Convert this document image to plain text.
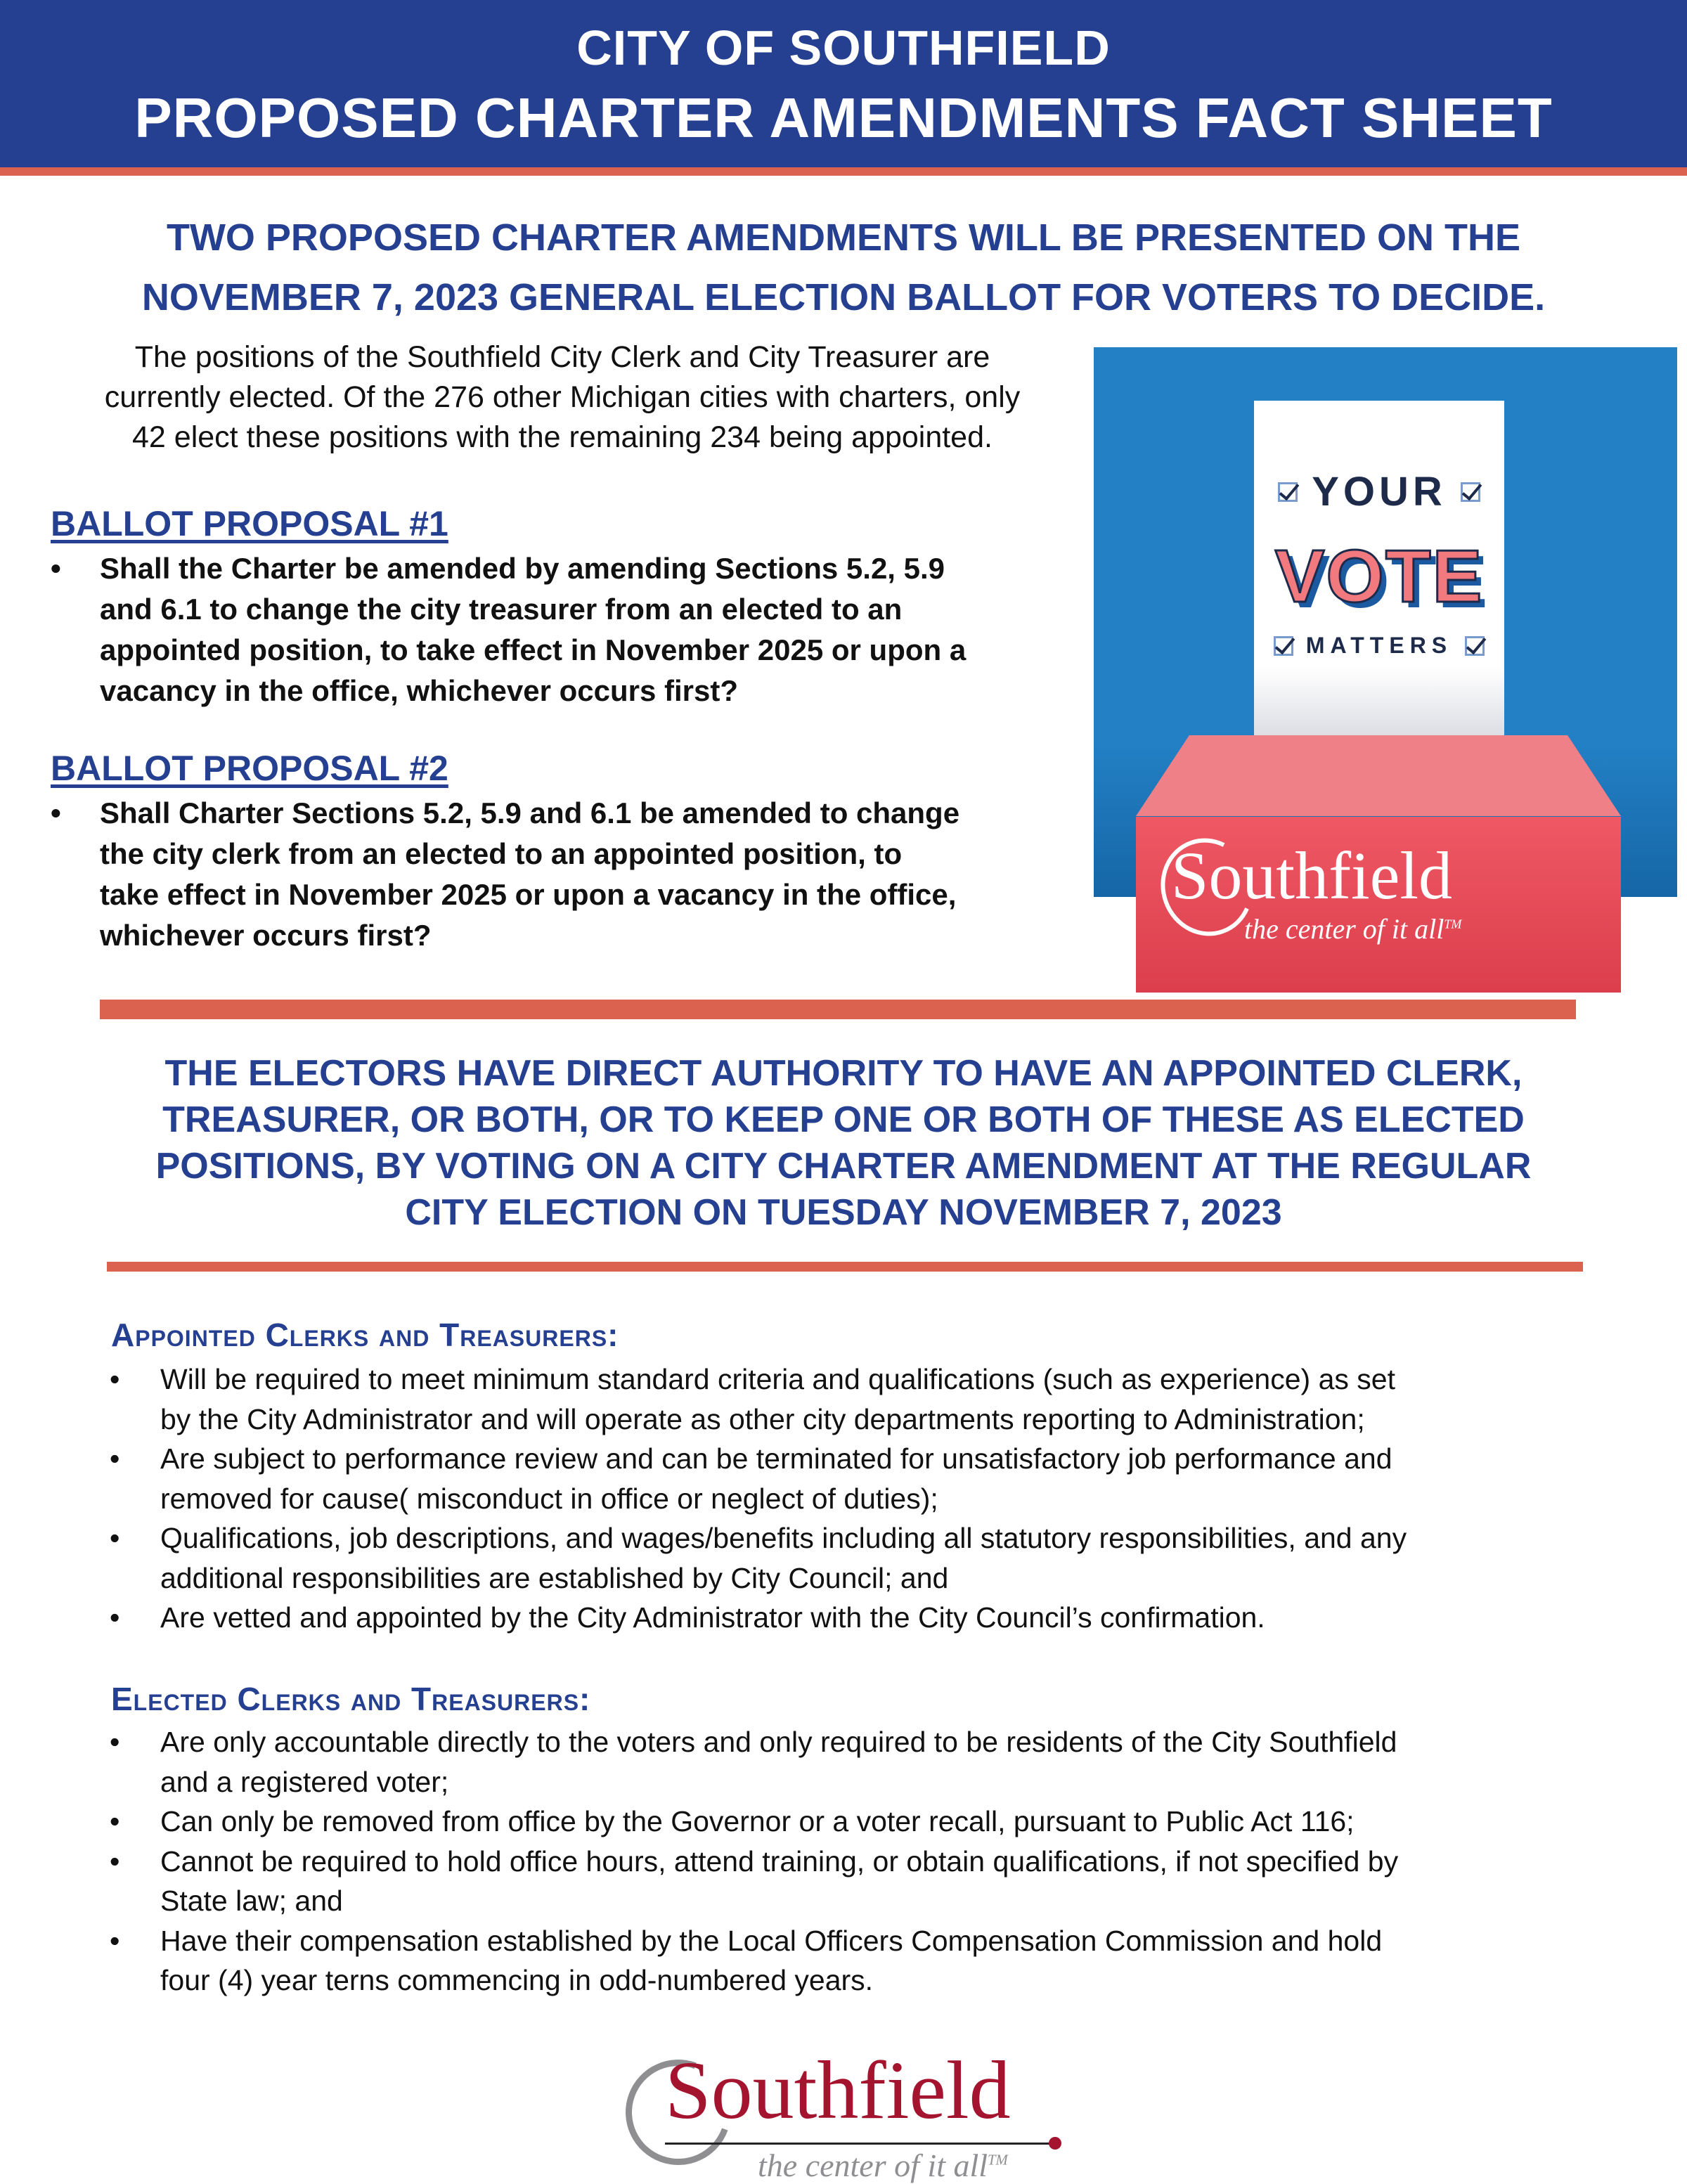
CITY OF SOUTHFIELD
PROPOSED CHARTER AMENDMENTS FACT SHEET
TWO PROPOSED CHARTER AMENDMENTS WILL BE PRESENTED ON THE
NOVEMBER 7, 2023 GENERAL ELECTION BALLOT FOR VOTERS TO DECIDE.
The positions of the Southfield City Clerk and City Treasurer are
currently elected. Of the 276 other Michigan cities with charters, only
42 elect these positions with the remaining 234 being appointed.
BALLOT PROPOSAL #1
• Shall the Charter be amended by amending Sections 5.2, 5.9
and 6.1 to change the city treasurer from an elected to an
appointed position, to take effect in November 2025 or upon a
vacancy in the office, whichever occurs first?
BALLOT PROPOSAL #2
• Shall Charter Sections 5.2, 5.9 and 6.1 be amended to change
the city clerk from an elected to an appointed position, to
take effect in November 2025 or upon a vacancy in the office,
whichever occurs first?
YOUR
VOTE
MATTERS
Southfield
the center of it all™
THE ELECTORS HAVE DIRECT AUTHORITY TO HAVE AN APPOINTED CLERK,
TREASURER, OR BOTH, OR TO KEEP ONE OR BOTH OF THESE AS ELECTED
POSITIONS, BY VOTING ON A CITY CHARTER AMENDMENT AT THE REGULAR
CITY ELECTION ON TUESDAY NOVEMBER 7, 2023
Appointed Clerks and Treasurers:
• Will be required to meet minimum standard criteria and qualifications (such as experience) as set
by the City Administrator and will operate as other city departments reporting to Administration;
• Are subject to performance review and can be terminated for unsatisfactory job performance and
removed for cause( misconduct in office or neglect of duties);
• Qualifications, job descriptions, and wages/benefits including all statutory responsibilities, and any
additional responsibilities are established by City Council; and
• Are vetted and appointed by the City Administrator with the City Council’s confirmation.
Elected Clerks and Treasurers:
• Are only accountable directly to the voters and only required to be residents of the City Southfield
and a registered voter;
• Can only be removed from office by the Governor or a voter recall, pursuant to Public Act 116;
• Cannot be required to hold office hours, attend training, or obtain qualifications, if not specified by
State law; and
• Have their compensation established by the Local Officers Compensation Commission and hold
four (4) year terns commencing in odd-numbered years.
Southfield
the center of it all™
